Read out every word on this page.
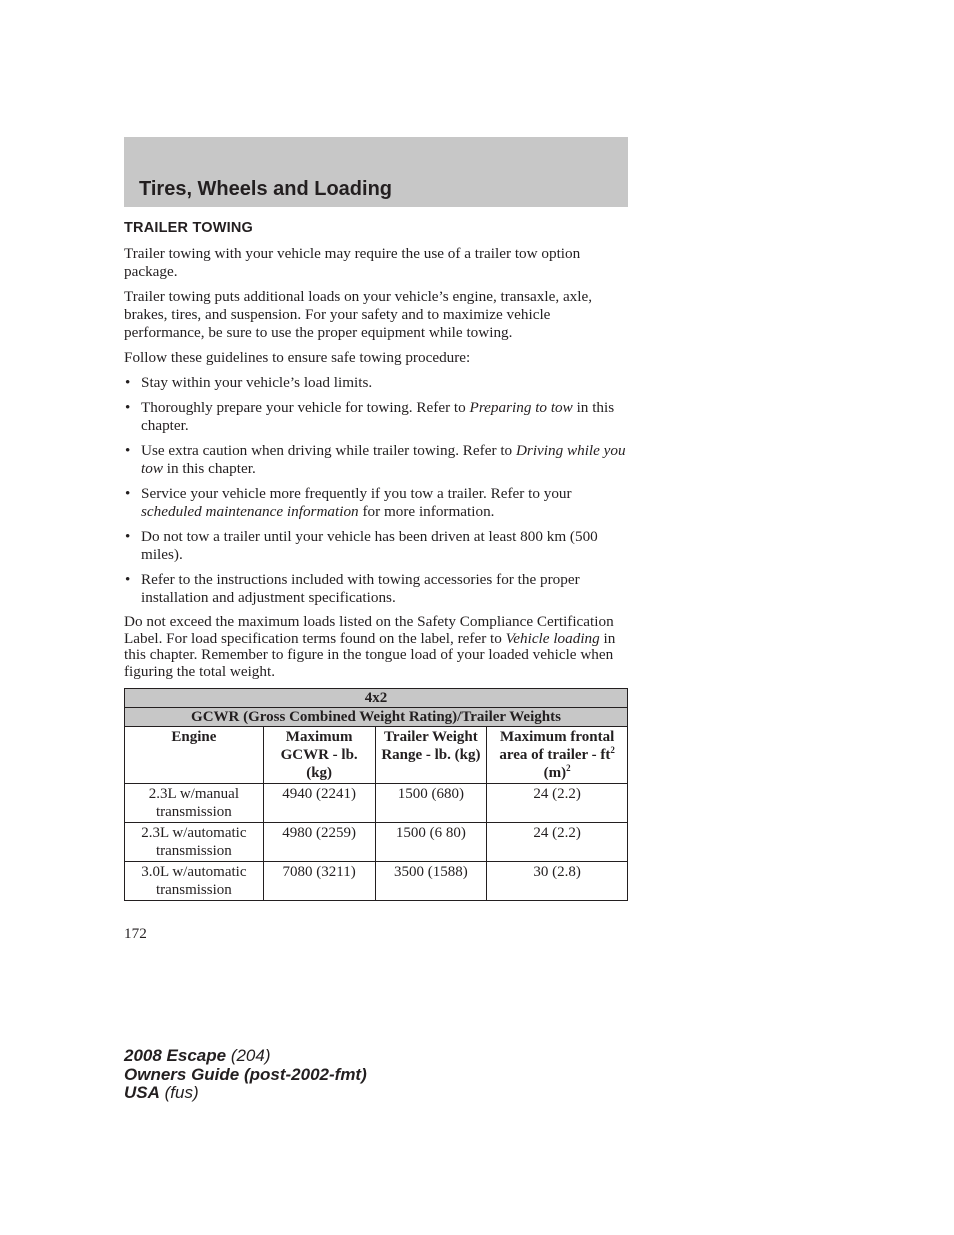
Tires, Wheels and Loading
TRAILER TOWING

Trailer towing with your vehicle may require the use of a trailer tow option package.

Trailer towing puts additional loads on your vehicle’s engine, transaxle, axle, brakes, tires, and suspension. For your safety and to maximize vehicle performance, be sure to use the proper equipment while towing.

Follow these guidelines to ensure safe towing procedure:

• Stay within your vehicle’s load limits.
• Thoroughly prepare your vehicle for towing. Refer to Preparing to tow in this chapter.
• Use extra caution when driving while trailer towing. Refer to Driving while you tow in this chapter.
• Service your vehicle more frequently if you tow a trailer. Refer to your scheduled maintenance information for more information.
• Do not tow a trailer until your vehicle has been driven at least 800 km (500 miles).
• Refer to the instructions included with towing accessories for the proper installation and adjustment specifications.

Do not exceed the maximum loads listed on the Safety Compliance Certification Label. For load specification terms found on the label, refer to Vehicle loading in this chapter. Remember to figure in the tongue load of your loaded vehicle when figuring the total weight.

4x2			
GCWR (Gross Combined Weight Rating)/Trailer Weights			
Engine	Maximum GCWR - lb. (kg)	Trailer Weight Range - lb. (kg)	Maximum frontal area of trailer - $ft^2$ $(m)^2$
2.3L w/manual transmission	4940 (2241)	1500 (680)	24 (2.2)
2.3L w/automatic transmission	4980 (2259)	1500 (6 80)	24 (2.2)
3.0L w/automatic transmission	7080 (3211)	3500 (1588)	30 (2.8)
172
2008 Escape (204)
Owners Guide (post-2002-fmt)
USA (fus)
